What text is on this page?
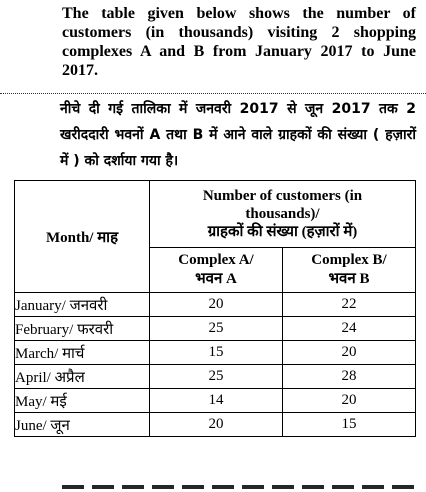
The table given below shows the number of customers (in thousands) visiting 2 shopping complexes A and B from January 2017 to June 2017.

नीचे दी गई तालिका में जनवरी 2017 से जून 2017 तक 2 खरीददारी भवनों A तथा B में आने वाले ग्राहकों की संख्या ( हज़ारों में ) को दर्शाया गया है।

Month/ माह	Number of customers (in
thousands)/
ग्राहकों की संख्या (हज़ारों में)	
	Complex A/
भवन A	Complex B/
भवन B
January/ जनवरी	20	22
February/ फरवरी	25	24
March/ मार्च	15	20
April/ अप्रैल	25	28
May/ मई	14	20
June/ जून	20	15
